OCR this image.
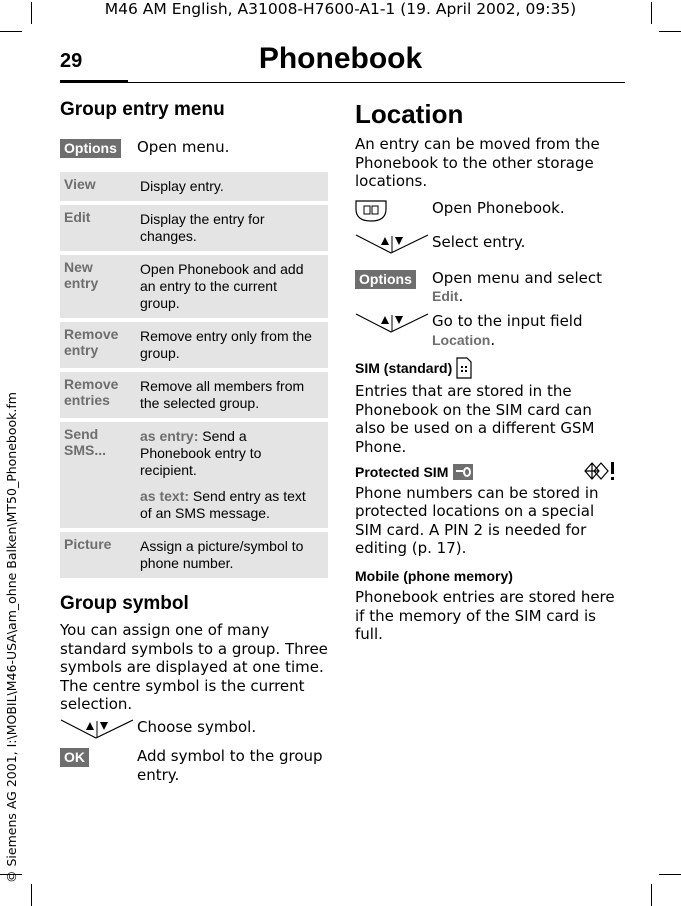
M46 AM English, A31008-H7600-A1-1 (19. April 2002, 09:35)
29	Phonebook
© Siemens AG 2001, I:\MOBIL\M46-USA\am_ohne Balken\MT50_Phonebook.fm
Group entry menu
Options	Open menu.
View	Display entry.
Edit	Display the entry for changes.
New entry	Open Phonebook and add an entry to the current group.
Remove entry	Remove entry only from the group.
Remove entries	Remove all members from the selected group.
Send SMS...	as entry: Send a Phonebook entry to recipient.
as text: Send entry as text of an SMS message.

Picture	Assign a picture/symbol to phone number.
Group symbol
You can assign one of many standard symbols to a group. Three symbols are displayed at one time. The centre symbol is the current selection.
Choose symbol.
OK	Add symbol to the group entry.
Location
An entry can be moved from the Phonebook to the other storage locations.
Open Phonebook.
Select entry.
Options	Open menu and select
Edit.
Go to the input field
Location.
SIM (standard)
Entries that are stored in the Phonebook on the SIM card can also be used on a different GSM Phone.
Protected SIM
Phone numbers can be stored in protected locations on a special SIM card. A PIN 2 is needed for editing (p. 17).
Mobile (phone memory)
Phonebook entries are stored here if the memory of the SIM card is full.
